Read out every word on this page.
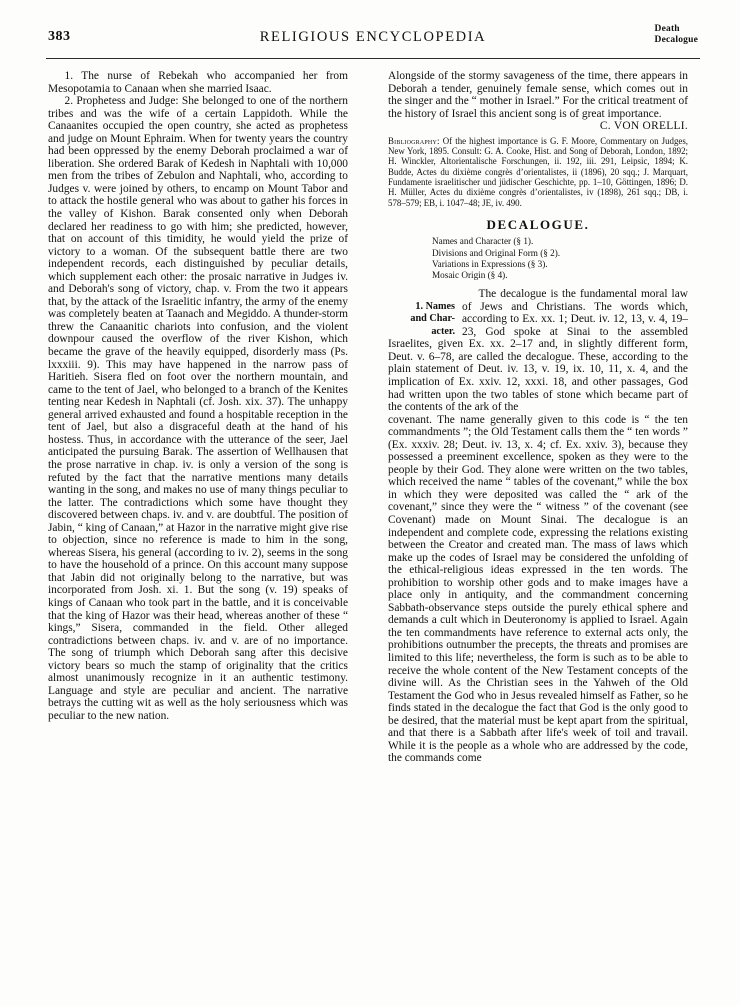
383	RELIGIOUS ENCYCLOPEDIA	Death
Decalogue

1. The nurse of Rebekah who accompanied her from Mesopotamia to Canaan when she married Isaac.

2. Prophetess and Judge: She belonged to one of the northern tribes and was the wife of a certain Lappidoth. While the Canaanites occupied the open country, she acted as prophetess and judge on Mount Ephraim. When for twenty years the country had been oppressed by the enemy Deborah proclaimed a war of liberation. She ordered Barak of Kedesh in Naphtali with 10,000 men from the tribes of Zebulon and Naphtali, who, according to Judges v. were joined by others, to encamp on Mount Tabor and to attack the hostile general who was about to gather his forces in the valley of Kishon. Barak consented only when Deborah declared her readiness to go with him; she predicted, however, that on account of this timidity, he would yield the prize of victory to a woman. Of the subsequent battle there are two independent records, each distinguished by peculiar details, which supplement each other: the prosaic narrative in Judges iv. and Deborah's song of victory, chap. v. From the two it appears that, by the attack of the Israelitic infantry, the army of the enemy was completely beaten at Taanach and Megiddo. A thunder-storm threw the Canaanitic chariots into confusion, and the violent downpour caused the overflow of the river Kishon, which became the grave of the heavily equipped, disorderly mass (Ps. lxxxiii. 9). This may have happened in the narrow pass of Haritieh. Sisera fled on foot over the northern mountain, and came to the tent of Jael, who belonged to a branch of the Kenites tenting near Kedesh in Naphtali (cf. Josh. xix. 37). The unhappy general arrived exhausted and found a hospitable reception in the tent of Jael, but also a disgraceful death at the hand of his hostess. Thus, in accordance with the utterance of the seer, Jael anticipated the pursuing Barak. The assertion of Wellhausen that the prose narrative in chap. iv. is only a version of the song is refuted by the fact that the narrative mentions many details wanting in the song, and makes no use of many things peculiar to the latter. The contradictions which some have thought they discovered between chaps. iv. and v. are doubtful. The position of Jabin, “ king of Canaan,” at Hazor in the narrative might give rise to objection, since no reference is made to him in the song, whereas Sisera, his general (according to iv. 2), seems in the song to have the household of a prince. On this account many suppose that Jabin did not originally belong to the narrative, but was incorporated from Josh. xi. 1. But the song (v. 19) speaks of kings of Canaan who took part in the battle, and it is conceivable that the king of Hazor was their head, whereas another of these “ kings,” Sisera, commanded in the field. Other alleged contradictions between chaps. iv. and v. are of no importance. The song of triumph which Deborah sang after this decisive victory bears so much the stamp of originality that the critics almost unanimously recognize in it an authentic testimony. Language and style are peculiar and ancient. The narrative betrays the cutting wit as well as the holy seriousness which was peculiar to the new nation.

Alongside of the stormy savageness of the time, there appears in Deborah a tender, genuinely female sense, which comes out in the singer and the “ mother in Israel.” For the critical treatment of the history of Israel this ancient song is of great importance.
C. VON ORELLI.

Bibliography: Of the highest importance is G. F. Moore, Commentary on Judges, New York, 1895. Consult: G. A. Cooke, Hist. and Song of Deborah, London, 1892; H. Winckler, Altorientalische Forschungen, ii. 192, iii. 291, Leipsic, 1894; K. Budde, Actes du dixième congrès d’orientalistes, ii (1896), 20 sqq.; J. Marquart, Fundamente israelitischer und jüdischer Geschichte, pp. 1–10, Göttingen, 1896; D. H. Müller, Actes du dixième congrès d’orientalistes, iv (1898), 261 sqq.; DB, i. 578–579; EB, i. 1047–48; JE, iv. 490.

DECALOGUE.

Names and Character (§ 1).
Divisions and Original Form (§ 2).
Variations in Expressions (§ 3).
Mosaic Origin (§ 4).
1. Names
and Char-
acter.

The decalogue is the fundamental moral law of Jews and Christians. The words which, according to Ex. xx. 1; Deut. iv. 12, 13, v. 4, 19–23, God spoke at Sinai to the assembled Israelites, given Ex. xx. 2–17 and, in slightly different form, Deut. v. 6–78, are called the decalogue. These, according to the plain statement of Deut. iv. 13, v. 19, ix. 10, 11, x. 4, and the implication of Ex. xxiv. 12, xxxi. 18, and other passages, God had written upon the two tables of stone which became part of the contents of the ark of the

covenant. The name generally given to this code is “ the ten commandments ”; the Old Testament calls them the “ ten words ” (Ex. xxxiv. 28; Deut. iv. 13, x. 4; cf. Ex. xxiv. 3), because they possessed a preeminent excellence, spoken as they were to the people by their God. They alone were written on the two tables, which received the name “ tables of the covenant,” while the box in which they were deposited was called the “ ark of the covenant,” since they were the “ witness ” of the covenant (see Covenant) made on Mount Sinai. The decalogue is an independent and complete code, expressing the relations existing between the Creator and created man. The mass of laws which make up the codes of Israel may be considered the unfolding of the ethical-religious ideas expressed in the ten words. The prohibition to worship other gods and to make images have a place only in antiquity, and the commandment concerning Sabbath-observance steps outside the purely ethical sphere and demands a cult which in Deuteronomy is applied to Israel. Again the ten commandments have reference to external acts only, the prohibitions outnumber the precepts, the threats and promises are limited to this life; nevertheless, the form is such as to be able to receive the whole content of the New Testament concepts of the divine will. As the Christian sees in the Yahweh of the Old Testament the God who in Jesus revealed himself as Father, so he finds stated in the decalogue the fact that God is the only good to be desired, that the material must be kept apart from the spiritual, and that there is a Sabbath after life's week of toil and travail. While it is the people as a whole who are addressed by the code, the commands come
